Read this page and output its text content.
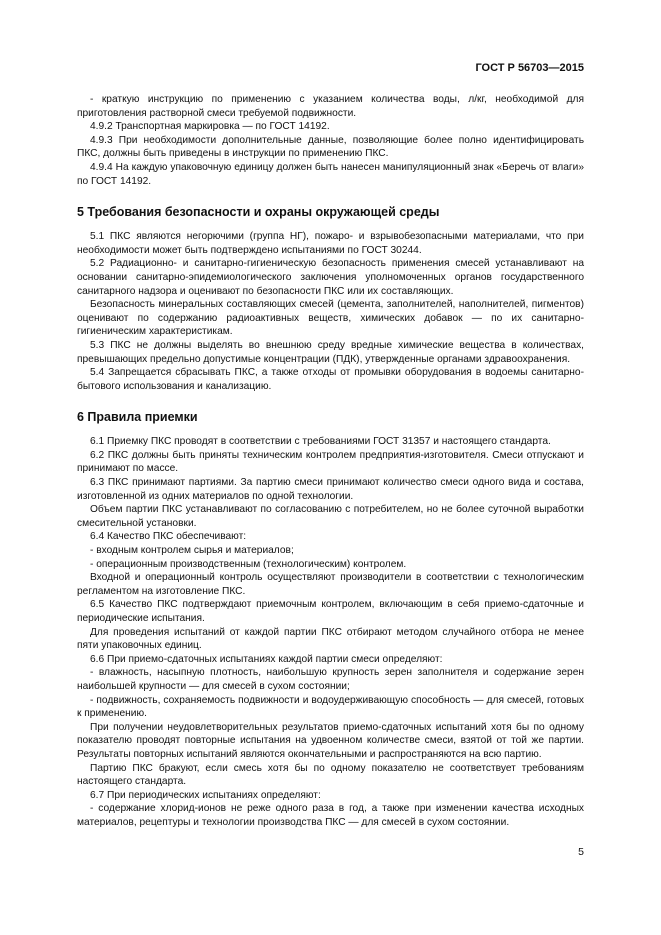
ГОСТ Р 56703—2015

- краткую инструкцию по применению с указанием количества воды, л/кг, необходимой для приготовления растворной смеси требуемой подвижности.

4.9.2 Транспортная маркировка — по ГОСТ 14192.

4.9.3 При необходимости дополнительные данные, позволяющие более полно идентифицировать ПКС, должны быть приведены в инструкции по применению ПКС.

4.9.4 На каждую упаковочную единицу должен быть нанесен манипуляционный знак «Беречь от влаги» по ГОСТ 14192.

5 Требования безопасности и охраны окружающей среды

5.1 ПКС являются негорючими (группа НГ), пожаро- и взрывобезопасными материалами, что при необходимости может быть подтверждено испытаниями по ГОСТ 30244.

5.2 Радиационно- и санитарно-гигиеническую безопасность применения смесей устанавливают на основании санитарно-эпидемиологического заключения уполномоченных органов государственного санитарного надзора и оценивают по безопасности ПКС или их составляющих.

Безопасность минеральных составляющих смесей (цемента, заполнителей, наполнителей, пигментов) оценивают по содержанию радиоактивных веществ, химических добавок — по их санитарно-гигиеническим характеристикам.

5.3 ПКС не должны выделять во внешнюю среду вредные химические вещества в количествах, превышающих предельно допустимые концентрации (ПДК), утвержденные органами здравоохранения.

5.4 Запрещается сбрасывать ПКС, а также отходы от промывки оборудования в водоемы санитарно-бытового использования и канализацию.

6 Правила приемки

6.1 Приемку ПКС проводят в соответствии с требованиями ГОСТ 31357 и настоящего стандарта.

6.2 ПКС должны быть приняты техническим контролем предприятия-изготовителя. Смеси отпускают и принимают по массе.

6.3 ПКС принимают партиями. За партию смеси принимают количество смеси одного вида и состава, изготовленной из одних материалов по одной технологии.

Объем партии ПКС устанавливают по согласованию с потребителем, но не более суточной выработки смесительной установки.

6.4 Качество ПКС обеспечивают:

- входным контролем сырья и материалов;

- операционным производственным (технологическим) контролем.

Входной и операционный контроль осуществляют производители в соответствии с технологическим регламентом на изготовление ПКС.

6.5 Качество ПКС подтверждают приемочным контролем, включающим в себя приемо-сдаточные и периодические испытания.

Для проведения испытаний от каждой партии ПКС отбирают методом случайного отбора не менее пяти упаковочных единиц.

6.6 При приемо-сдаточных испытаниях каждой партии смеси определяют:

- влажность, насыпную плотность, наибольшую крупность зерен заполнителя и содержание зерен наибольшей крупности — для смесей в сухом состоянии;

- подвижность, сохраняемость подвижности и водоудерживающую способность — для смесей, готовых к применению.

При получении неудовлетворительных результатов приемо-сдаточных испытаний хотя бы по одному показателю проводят повторные испытания на удвоенном количестве смеси, взятой от той же партии. Результаты повторных испытаний являются окончательными и распространяются на всю партию.

Партию ПКС бракуют, если смесь хотя бы по одному показателю не соответствует требованиям настоящего стандарта.

6.7 При периодических испытаниях определяют:

- содержание хлорид-ионов не реже одного раза в год, а также при изменении качества исходных материалов, рецептуры и технологии производства ПКС — для смесей в сухом состоянии.

5
